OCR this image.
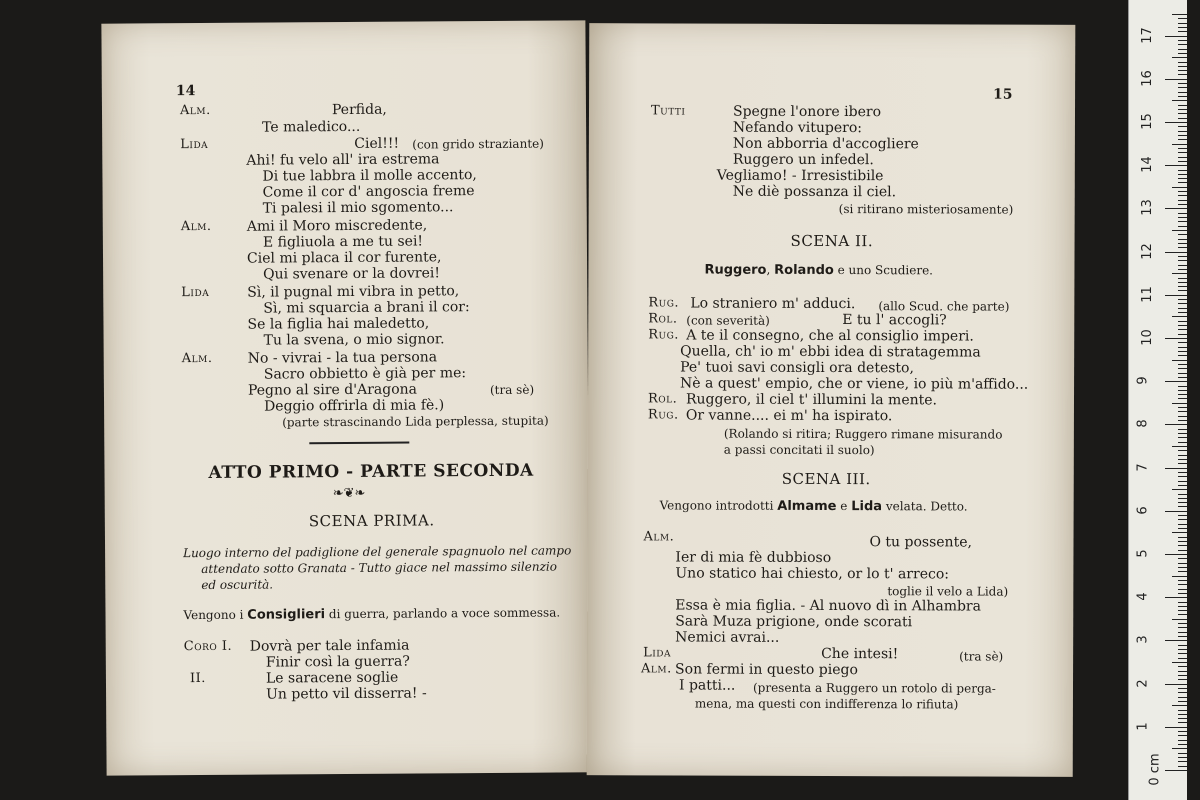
14
Alm.	Perfida,
Te maledico...
Lida	Ciel!!! (con grido straziante)
Ahi! fu velo all' ira estrema
Di tue labbra il molle accento,
Come il cor d' angoscia freme
Ti palesi il mio sgomento...
Alm.	Ami il Moro miscredente,
E figliuola a me tu sei!
Ciel mi placa il cor furente,
Qui svenare or la dovrei!
Lida	Sì, il pugnal mi vibra in petto,
Sì, mi squarcia a brani il cor:
Se la figlia hai maledetto,
Tu la svena, o mio signor.
Alm.	No - vivrai - la tua persona
Sacro obbietto è già per me:
Pegno al sire d'Aragona	(tra sè)
Deggio offrirla di mia fè.)
(parte strascinando Lida perplessa, stupita)
ATTO PRIMO - PARTE SECONDA
❧❦❧
SCENA PRIMA.
Luogo interno del padiglione del generale spagnuolo nel campo
attendato sotto Granata - Tutto giace nel massimo silenzio
ed oscurità.
Vengono i Consiglieri di guerra, parlando a voce sommessa.
Coro I. Dovrà per tale infamia
Finir così la guerra?
II.	Le saracene soglie
Un petto vil disserra! -
15
Tutti	Spegne l'onore ibero
Nefando vitupero:
Non abborria d'accogliere
Ruggero un infedel.
Vegliamo! - Irresistibile
Ne diè possanza il ciel.
(si ritirano misteriosamente)
SCENA II.
Ruggero, Rolando e uno Scudiere.
Rug. Lo straniero m' adduci. (allo Scud. che parte)
Rol. (con severità)	E tu l' accogli?
Rug. A te il consegno, che al consiglio imperi.
Quella, ch' io m' ebbi idea di stratagemma
Pe' tuoi savi consigli ora detesto,
Nè a quest' empio, che or viene, io più m'affido...
Rol. Ruggero, il ciel t' illumini la mente.
Rug. Or vanne.... ei m' ha ispirato.
(Rolando si ritira; Ruggero rimane misurando
a passi concitati il suolo)
SCENA III.
Vengono introdotti Almame e Lida velata. Detto.
Alm.	O tu possente,
Ier di mia fè dubbioso
Uno statico hai chiesto, or lo t' arreco:
toglie il velo a Lida)
Essa è mia figlia. - Al nuovo dì in Alhambra
Sarà Muza prigione, onde scorati
Nemici avrai...
Lida	Che intesi!	(tra sè)
Alm. Son fermi in questo piego
I patti... (presenta a Ruggero un rotolo di perga-
mena, ma questi con indifferenza lo rifiuta)
0 cm
1
2
3
4
5
6
7
8
9
10
11
12
13
14
15
16
17
